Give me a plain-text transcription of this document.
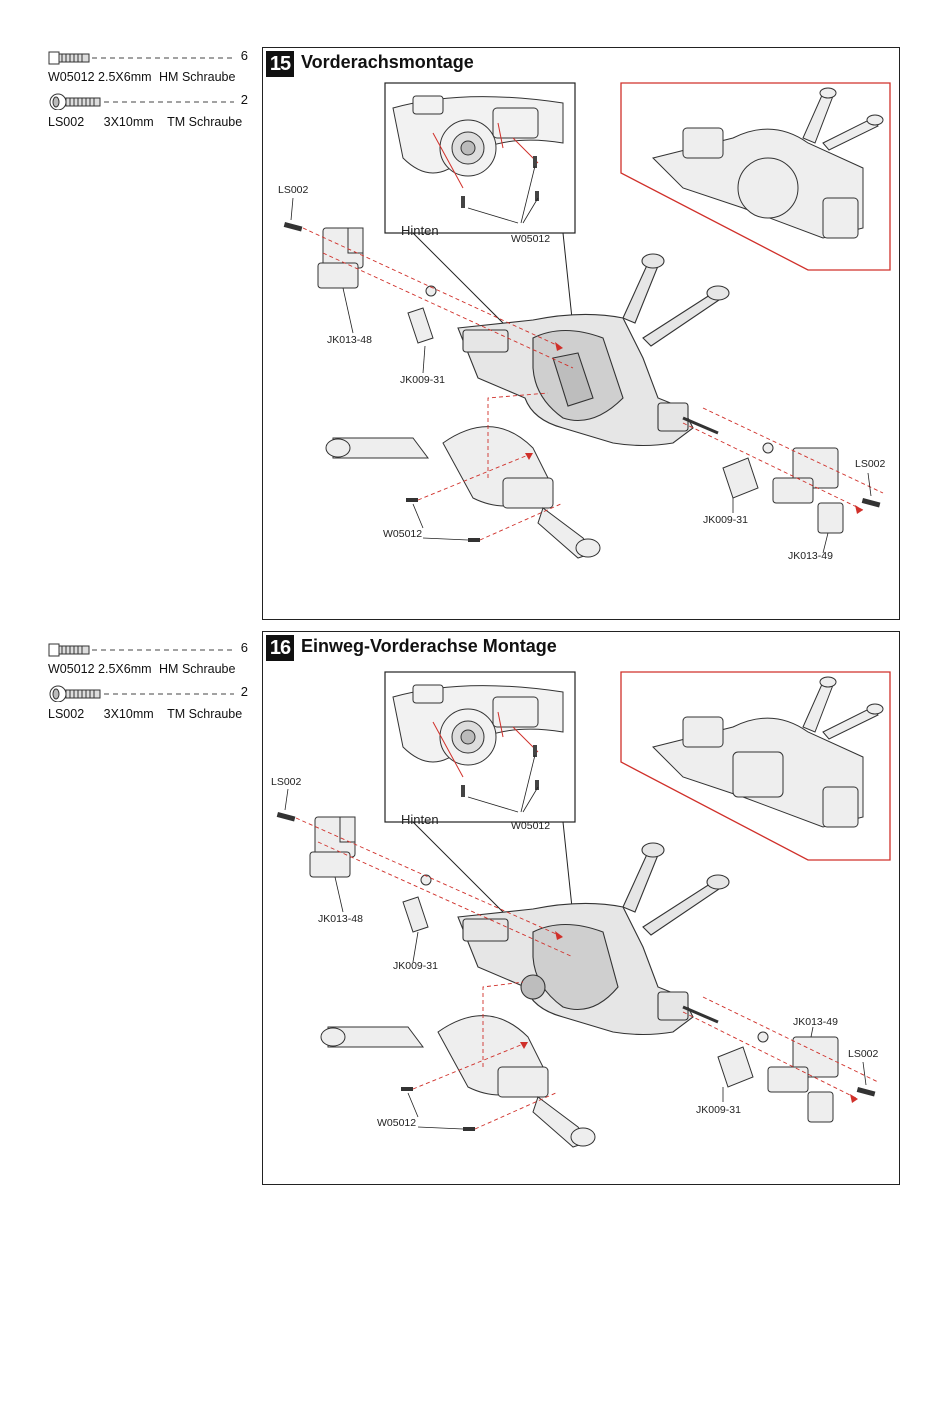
6
W05012 2.5X6mm HM Schraube
2
LS002 3X10mm TM Schraube
15 Vorderachsmontage
LS002
JK013-48
JK009-31
Hinten
W05012
LS002
JK009-31
JK013-49
W05012
6
W05012 2.5X6mm HM Schraube
2
LS002 3X10mm TM Schraube
16 Einweg-Vorderachse Montage
LS002
JK013-48
JK009-31
Hinten	W05012
JK013-49
LS002
JK009-31
W05012
